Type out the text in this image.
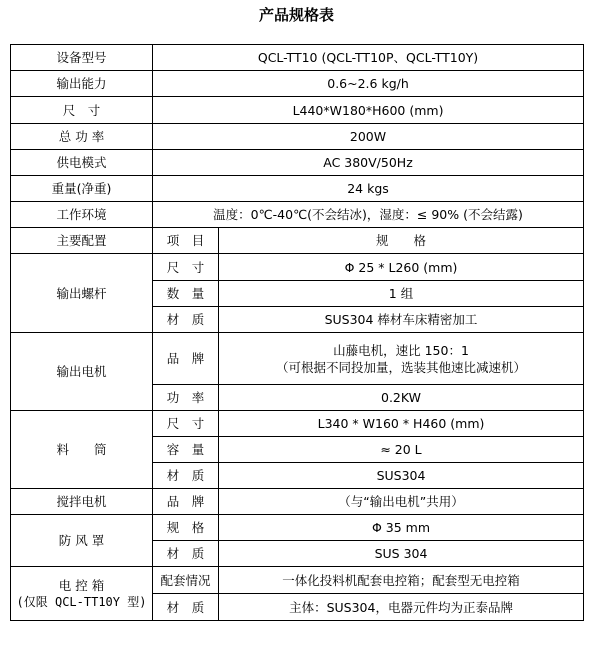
产品规格表
设备型号	QCL-TT10 (QCL-TT10P、QCL-TT10Y)	
输出能力	0.6~2.6 kg/h	
尺　寸	L440*W180*H600 (mm)	
总 功 率	200W	
供电模式	AC 380V/50Hz	
重量(净重)	24 kgs	
工作环境	温度：0℃-40℃(不会结冰)，湿度：≤ 90% (不会结露)	
主要配置	项　目	规　　格
输出螺杆	尺　寸	Φ 25 * L260 (mm)
	数　量	1 组
	材　质	SUS304 棒材车床精密加工
输出电机	品　牌	山藤电机，速比 150：1
（可根据不同投加量，选装其他速比减速机）

	功　率	0.2KW
料　　筒	尺　寸	L340 * W160 * H460 (mm)
	容　量	≈ 20 L
	材　质	SUS304
搅拌电机	品　牌	（与“输出电机”共用）
防 风 罩	规　格	Φ 35 mm
	材　质	SUS 304

电 控 箱
(仅限 QCL-TT10Y 型)	配套情况	一体化投料机配套电控箱；配套型无电控箱
	材　质	主体：SUS304，电器元件均为正泰品牌
